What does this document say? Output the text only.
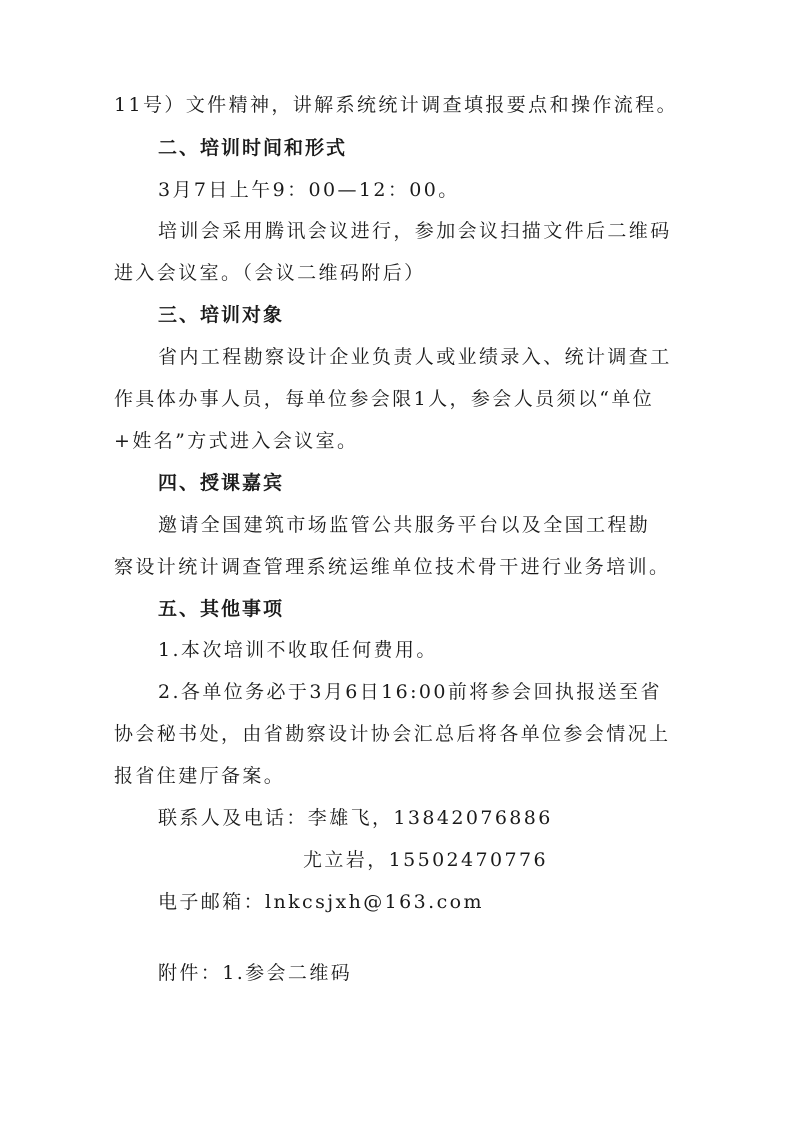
11号）文件精神，讲解系统统计调查填报要点和操作流程。
二、培训时间和形式
3月7日上午9：00—12：00。
培训会采用腾讯会议进行，参加会议扫描文件后二维码
进入会议室。（会议二维码附后）
三、培训对象
省内工程勘察设计企业负责人或业绩录入、统计调查工
作具体办事人员，每单位参会限1人，参会人员须以“单位
+姓名”方式进入会议室。
四、授课嘉宾
邀请全国建筑市场监管公共服务平台以及全国工程勘
察设计统计调查管理系统运维单位技术骨干进行业务培训。
五、其他事项
1.本次培训不收取任何费用。
2.各单位务必于3月6日16:00前将参会回执报送至省
协会秘书处，由省勘察设计协会汇总后将各单位参会情况上
报省住建厅备案。
联系人及电话：李雄飞，13842076886
尤立岩，15502470776
电子邮箱：lnkcsjxh@163.com
附件：1.参会二维码
